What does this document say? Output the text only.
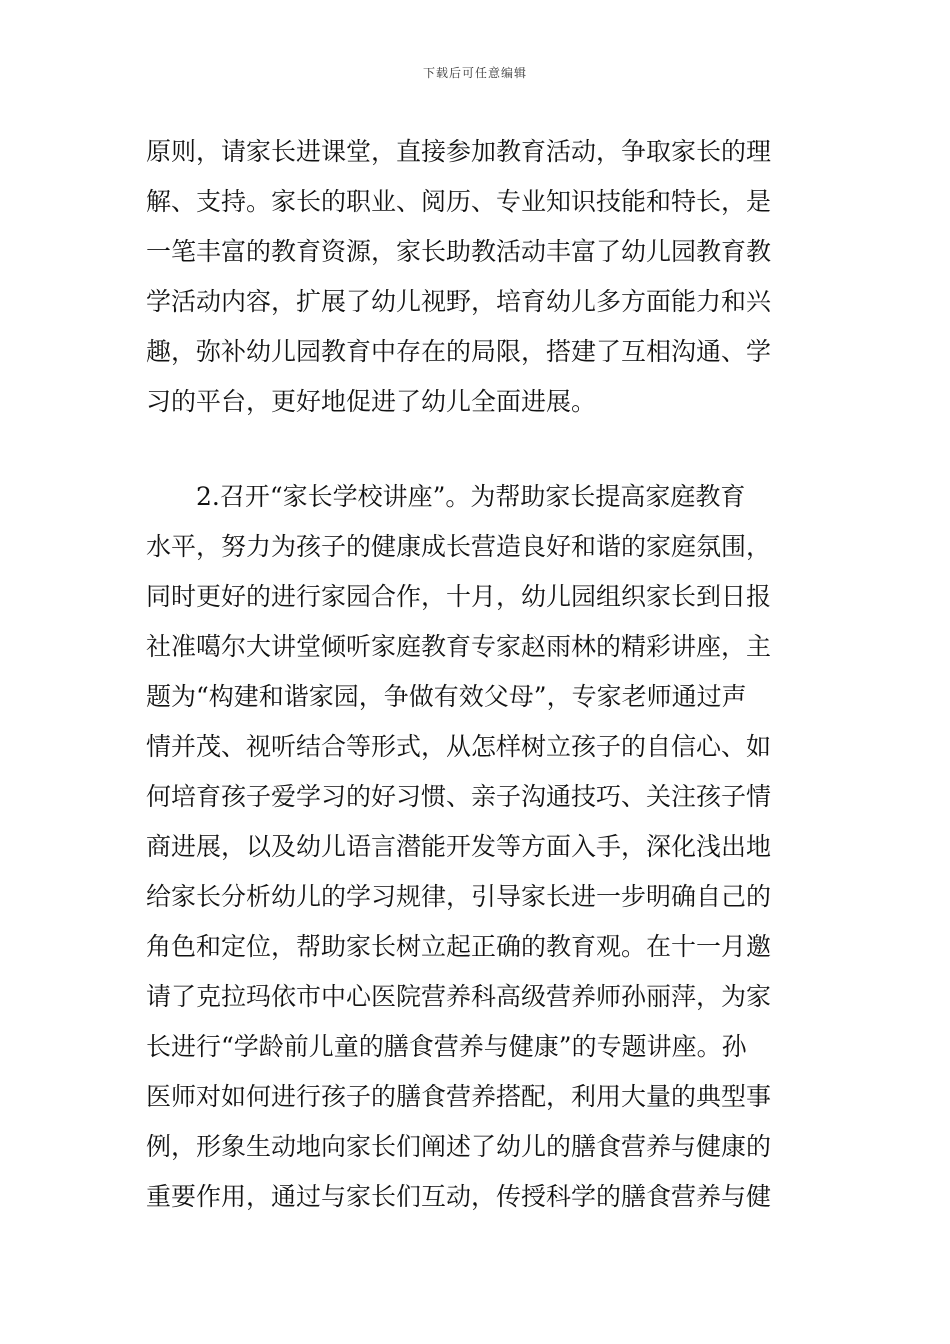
下载后可任意编辑
原则，请家长进课堂，直接参加教育活动，争取家长的理
解、支持。家长的职业、阅历、专业知识技能和特长，是
一笔丰富的教育资源，家长助教活动丰富了幼儿园教育教
学活动内容，扩展了幼儿视野，培育幼儿多方面能力和兴
趣，弥补幼儿园教育中存在的局限，搭建了互相沟通、学
习的平台，更好地促进了幼儿全面进展。
2.召开“家长学校讲座”。为帮助家长提高家庭教育
水平，努力为孩子的健康成长营造良好和谐的家庭氛围，
同时更好的进行家园合作，十月，幼儿园组织家长到日报
社准噶尔大讲堂倾听家庭教育专家赵雨林的精彩讲座，主
题为“构建和谐家园，争做有效父母”，专家老师通过声
情并茂、视听结合等形式，从怎样树立孩子的自信心、如
何培育孩子爱学习的好习惯、亲子沟通技巧、关注孩子情
商进展，以及幼儿语言潜能开发等方面入手，深化浅出地
给家长分析幼儿的学习规律，引导家长进一步明确自己的
角色和定位，帮助家长树立起正确的教育观。在十一月邀
请了克拉玛依市中心医院营养科高级营养师孙丽萍，为家
长进行“学龄前儿童的膳食营养与健康”的专题讲座。孙
医师对如何进行孩子的膳食营养搭配，利用大量的典型事
例，形象生动地向家长们阐述了幼儿的膳食营养与健康的
重要作用，通过与家长们互动，传授科学的膳食营养与健
